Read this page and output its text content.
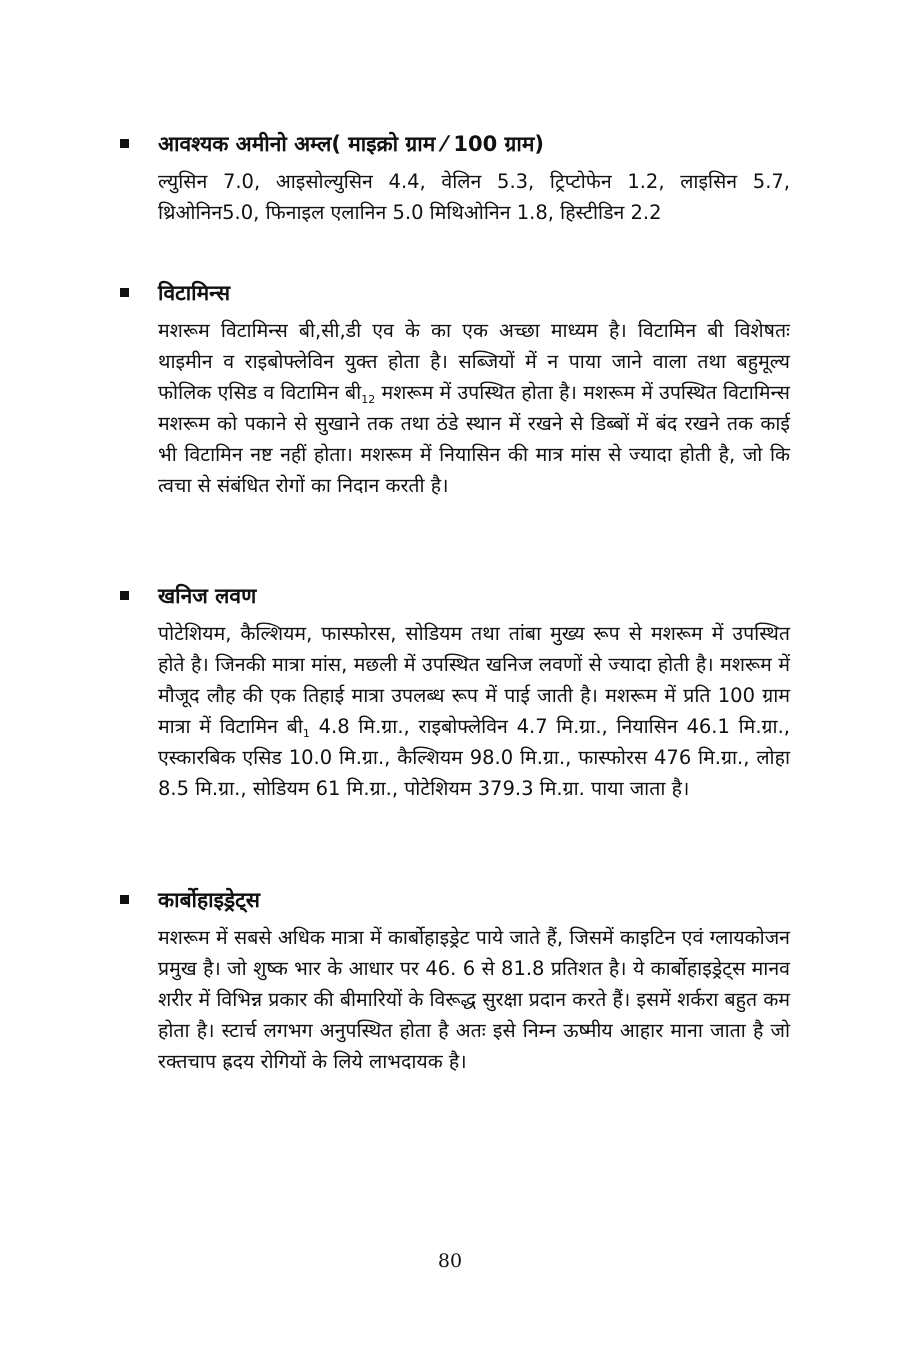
आवश्यक अमीनो अम्ल( माइक्रो ग्राम ⁄ 100 ग्राम)

ल्युसिन 7.0, आइसोल्युसिन 4.4, वेलिन 5.3, ट्रिप्टोफेन 1.2, लाइसिन 5.7, थ्रिओनिन5.0, फिनाइल एलानिन 5.0 मिथिओनिन 1.8, हिस्टीडिन 2.2

विटामिन्स

मशरूम विटामिन्स बी,सी,डी एव के का एक अच्छा माध्यम है। विटामिन बी विशेषतः थाइमीन व राइबोफ्लेविन युक्त होता है। सब्जियों में न पाया जाने वाला तथा बहुमूल्य फोलिक एसिड व विटामिन $बी_{12}$ मशरूम में उपस्थित होता है। मशरूम में उपस्थित विटामिन्स मशरूम को पकाने से सुखाने तक तथा ठंडे स्थान में रखने से डिब्बों में बंद रखने तक काई भी विटामिन नष्ट नहीं होता। मशरूम में नियासिन की मात्र मांस से ज्यादा होती है, जो कि त्वचा से संबंधित रोगों का निदान करती है।

खनिज लवण

पोटेशियम, कैल्शियम, फास्फोरस, सोडियम तथा तांबा मुख्य रूप से मशरूम में उपस्थित होते है। जिनकी मात्रा मांस, मछली में उपस्थित खनिज लवणों से ज्यादा होती है। मशरूम में मौजूद लौह की एक तिहाई मात्रा उपलब्ध रूप में पाई जाती है। मशरूम में प्रति 100 ग्राम मात्रा में विटामिन $बी_1$ 4.8 मि.ग्रा., राइबोफ्लेविन 4.7 मि.ग्रा., नियासिन 46.1 मि.ग्रा., एस्कारबिक एसिड 10.0 मि.ग्रा., कैल्शियम 98.0 मि.ग्रा., फास्फोरस 476 मि.ग्रा., लोहा 8.5 मि.ग्रा., सोडियम 61 मि.ग्रा., पोटेशियम 379.3 मि.ग्रा. पाया जाता है।

कार्बोहाइड्रेट्स

मशरूम में सबसे अधिक मात्रा में कार्बोहाइड्रेट पाये जाते हैं, जिसमें काइटिन एवं ग्लायकोजन प्रमुख है। जो शुष्क भार के आधार पर 46. 6 से 81.8 प्रतिशत है। ये कार्बोहाइड्रेट्स मानव शरीर में विभिन्न प्रकार की बीमारियों के विरूद्ध सुरक्षा प्रदान करते हैं। इसमें शर्करा बहुत कम होता है। स्टार्च लगभग अनुपस्थित होता है अतः इसे निम्न ऊष्मीय आहार माना जाता है जो रक्तचाप ह्रदय रोगियों के लिये लाभदायक है।

80
